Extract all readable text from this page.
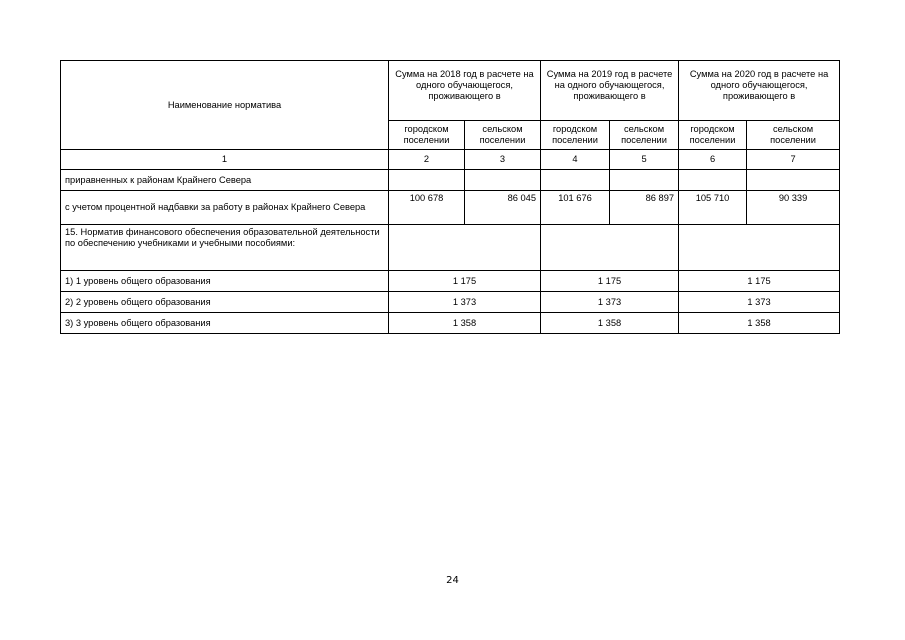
Наименование норматива	Сумма на 2018 год в расчете на одного обучающегося, проживающего в		Сумма на 2019 год в расчете на одного обучающегося, проживающего в		Сумма на 2020 год в расчете на одного обучающегося, проживающего в	
	городском поселении	сельском поселении	городском поселении	сельском поселении	городском поселении	сельском поселении
1	2	3	4	5	6	7
приравненных к районам Крайнего Севера						
с учетом процентной надбавки за работу в районах Крайнего Севера	100 678	86 045	101 676	86 897	105 710	90 339
15. Норматив финансового обеспечения образовательной деятельности по обеспечению учебниками и учебными пособиями:						
1) 1 уровень общего образования	1 175		1 175		1 175	
2) 2 уровень общего образования	1 373		1 373		1 373	
3) 3 уровень общего образования	1 358		1 358		1 358	
24
